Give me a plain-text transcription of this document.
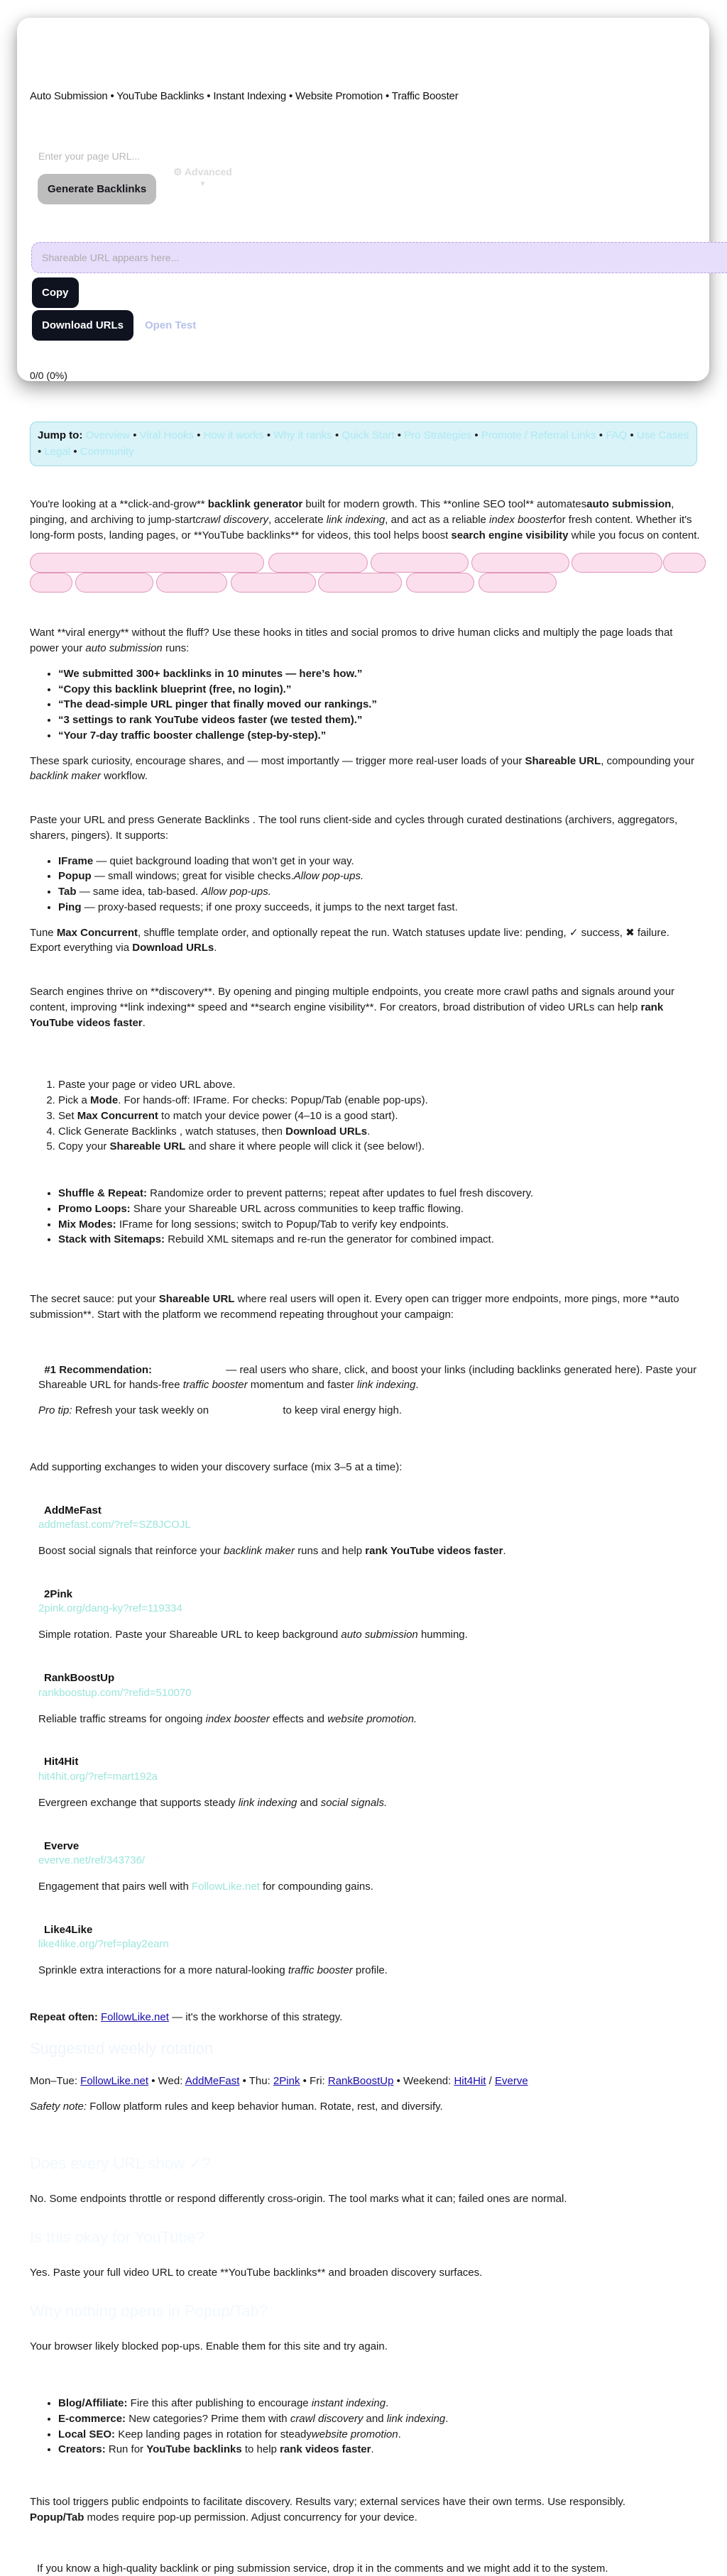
Auto Submission • YouTube Backlinks • Instant Indexing • Website Promotion • Traffic Booster
Enter your page URL...
Generate Backlinks
⚙ Advanced
▼
Shareable URL appears here...
Copy
Download URLs	Open Test
0/0 (0%)
Jump to: Overview • Viral Hooks • How it works • Why it ranks • Quick Start • Pro Strategies • Promote / Referral Links • FAQ • Use Cases • Legal • Community

You're looking at a **click-and-grow** backlink generator built for modern growth. This **online SEO tool** automatesauto submission, pinging, and archiving to jump-startcrawl discovery, accelerate link indexing, and act as a reliable index boosterfor fresh content. Whether it's long-form posts, landing pages, or **YouTube backlinks** for videos, this tool helps boost search engine visibility while you focus on content.

Want **viral energy** without the fluff? Use these hooks in titles and social promos to drive human clicks and multiply the page loads that power your auto submission runs:

• “We submitted 300+ backlinks in 10 minutes — here’s how.”
• “Copy this backlink blueprint (free, no login).”
• “The dead-simple URL pinger that finally moved our rankings.”
• “3 settings to rank YouTube videos faster (we tested them).”
• “Your 7-day traffic booster challenge (step-by-step).”

These spark curiosity, encourage shares, and — most importantly — trigger more real-user loads of your Shareable URL, compounding your backlink maker workflow.

Paste your URL and press Generate Backlinks . The tool runs client-side and cycles through curated destinations (archivers, aggregators, sharers, pingers). It supports:

• IFrame — quiet background loading that won’t get in your way.
• Popup — small windows; great for visible checks.Allow pop-ups.
• Tab — same idea, tab-based. Allow pop-ups.
• Ping — proxy-based requests; if one proxy succeeds, it jumps to the next target fast.

Tune Max Concurrent, shuffle template order, and optionally repeat the run. Watch statuses update live: pending, ✓ success, ✖ failure. Export everything via Download URLs.

Search engines thrive on **discovery**. By opening and pinging multiple endpoints, you create more crawl paths and signals around your content, improving **link indexing** speed and **search engine visibility**. For creators, broad distribution of video URLs can help rank YouTube videos faster.

1. Paste your page or video URL above.
2. Pick a Mode. For hands-off: IFrame. For checks: Popup/Tab (enable pop-ups).
3. Set Max Concurrent to match your device power (4–10 is a good start).
4. Click Generate Backlinks , watch statuses, then Download URLs.
5. Copy your Shareable URL and share it where people will click it (see below!).
• Shuffle & Repeat: Randomize order to prevent patterns; repeat after updates to fuel fresh discovery.
• Promo Loops: Share your Shareable URL across communities to keep traffic flowing.
• Mix Modes: IFrame for long sessions; switch to Popup/Tab to verify key endpoints.
• Stack with Sitemaps: Rebuild XML sitemaps and re-run the generator for combined impact.

The secret sauce: put your Shareable URL where real users will open it. Every open can trigger more endpoints, more pings, more **auto submission**. Start with the platform we recommend repeating throughout your campaign:

#1 Recommendation: FollowLike.net — real users who share, click, and boost your links (including backlinks generated here). Paste your Shareable URL for hands-free traffic booster momentum and faster link indexing.

Pro tip: Refresh your task weekly on FollowLike.net to keep viral energy high.

Add supporting exchanges to widen your discovery surface (mix 3–5 at a time):

AddMeFast
addmefast.com/?ref=SZ8JCOJL

Boost social signals that reinforce your backlink maker runs and help rank YouTube videos faster.

2Pink
2pink.org/dang-ky?ref=119334

Simple rotation. Paste your Shareable URL to keep background auto submission humming.

RankBoostUp
rankboostup.com/?refid=510070

Reliable traffic streams for ongoing index booster effects and website promotion.

Hit4Hit
hit4hit.org/?ref=mart192a

Evergreen exchange that supports steady link indexing and social signals.

Everve
everve.net/ref/343736/

Engagement that pairs well with FollowLike.net for compounding gains.

Like4Like
like4like.org/?ref=play2earn

Sprinkle extra interactions for a more natural-looking traffic booster profile.

Repeat often: FollowLike.net — it's the workhorse of this strategy.

Suggested weekly rotation

Mon–Tue: FollowLike.net • Wed: AddMeFast • Thu: 2Pink • Fri: RankBoostUp • Weekend: Hit4Hit / Everve

Safety note: Follow platform rules and keep behavior human. Rotate, rest, and diversify.

Does every URL show ✓?

No. Some endpoints throttle or respond differently cross-origin. The tool marks what it can; failed ones are normal.

Is this okay for YouTube?

Yes. Paste your full video URL to create **YouTube backlinks** and broaden discovery surfaces.

Why nothing opens in Popup/Tab?

Your browser likely blocked pop-ups. Enable them for this site and try again.

• Blog/Affiliate: Fire this after publishing to encourage instant indexing.
• E-commerce: New categories? Prime them with crawl discovery and link indexing.
• Local SEO: Keep landing pages in rotation for steadywebsite promotion.
• Creators: Run for YouTube backlinks to help rank videos faster.

This tool triggers public endpoints to facilitate discovery. Results vary; external services have their own terms. Use responsibly.
Popup/Tab modes require pop-up permission. Adjust concurrency for your device.

If you know a high-quality backlink or ping submission service, drop it in the comments and we might add it to the system.
